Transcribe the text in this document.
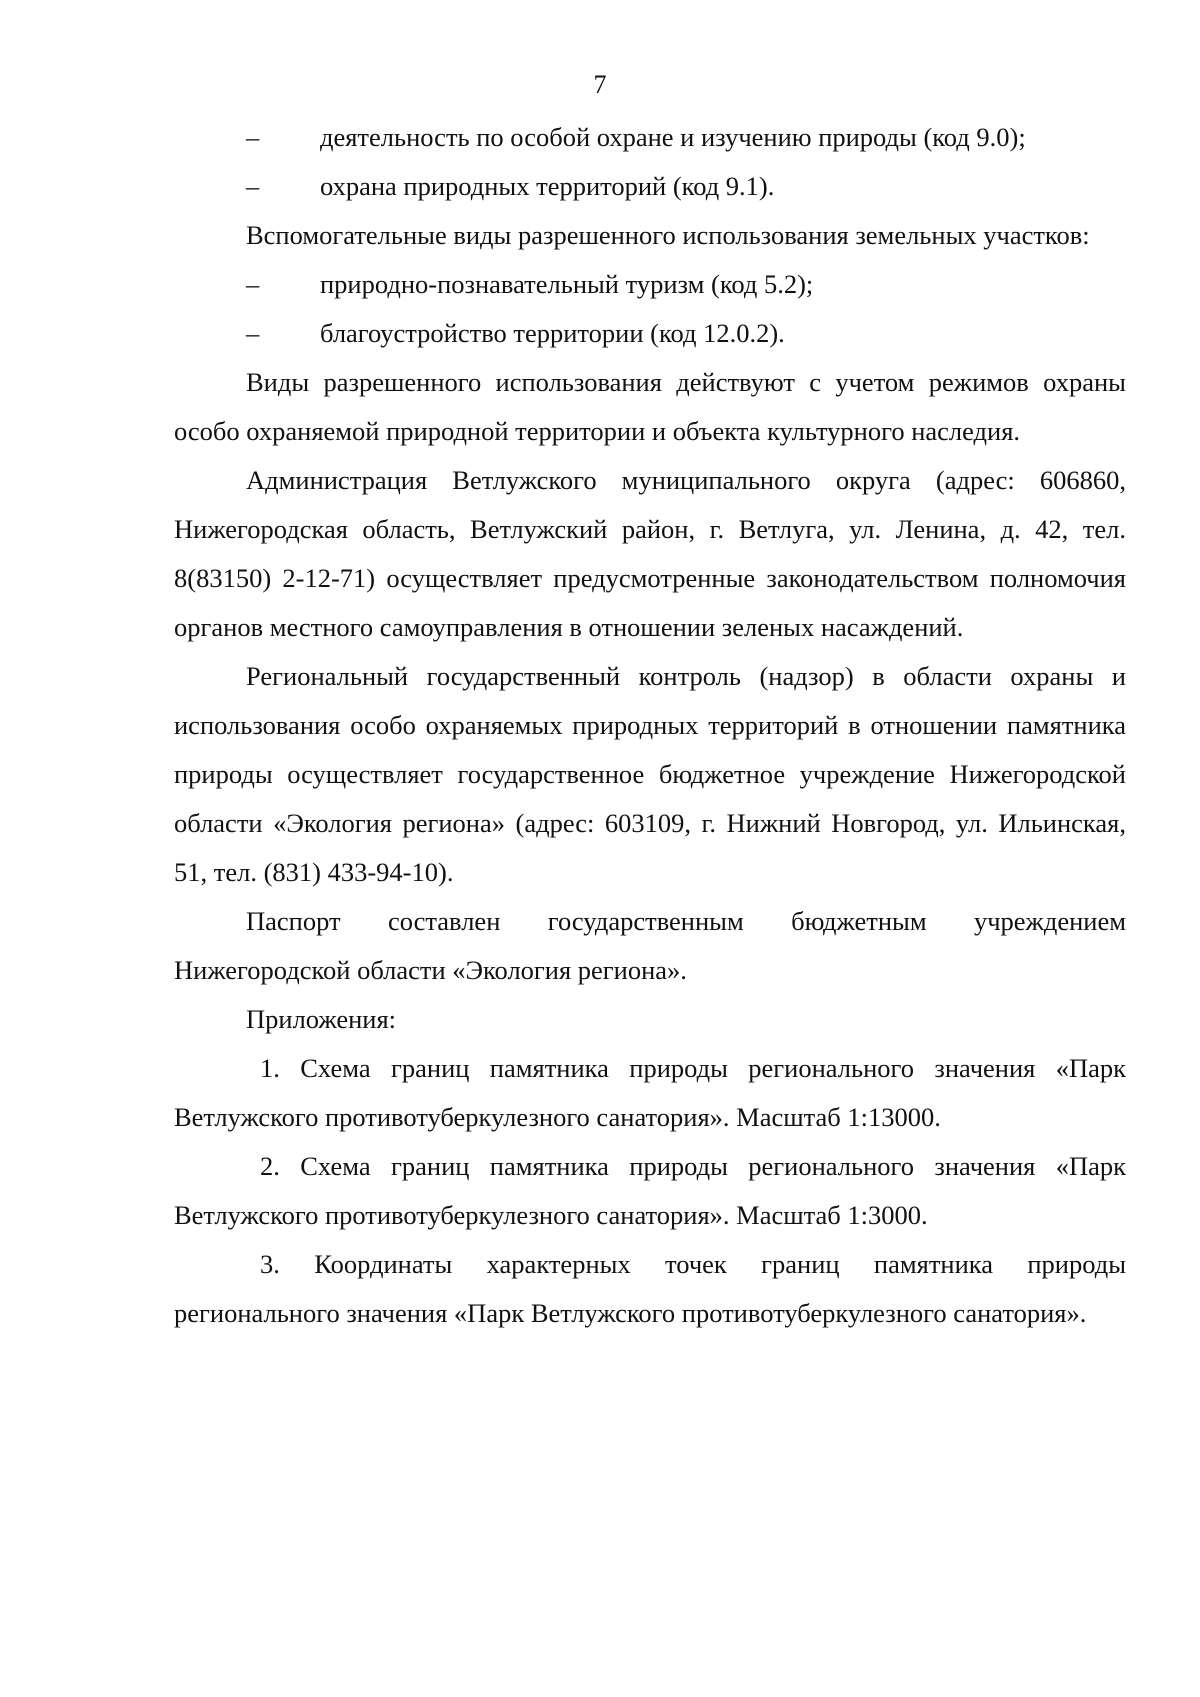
7
–	деятельность по особой охране и изучению природы (код 9.0);
–	охрана природных территорий (код 9.1).

Вспомогательные виды разрешенного использования земельных участков:

–	природно-познавательный туризм (код 5.2);
–	благоустройство территории (код 12.0.2).

Виды разрешенного использования действуют с учетом режимов охраны особо охраняемой природной территории и объекта культурного наследия.

Администрация Ветлужского муниципального округа (адрес: 606860, Нижегородская область, Ветлужский район, г. Ветлуга, ул. Ленина, д. 42, тел. 8(83150) 2-12-71) осуществляет предусмотренные законодательством полномочия органов местного самоуправления в отношении зеленых насаждений.

Региональный государственный контроль (надзор) в области охраны и использования особо охраняемых природных территорий в отношении памятника природы осуществляет государственное бюджетное учреждение Нижегородской области «Экология региона» (адрес: 603109, г. Нижний Новгород, ул. Ильинская, 51, тел. (831) 433-94-10).

Паспорт составлен государственным бюджетным учреждением Нижегородской области «Экология региона».

Приложения:

1. Схема границ памятника природы регионального значения «Парк Ветлужского противотуберкулезного санатория». Масштаб 1:13000.

2. Схема границ памятника природы регионального значения «Парк Ветлужского противотуберкулезного санатория». Масштаб 1:3000.

3. Координаты характерных точек границ памятника природы регионального значения «Парк Ветлужского противотуберкулезного санатория».
